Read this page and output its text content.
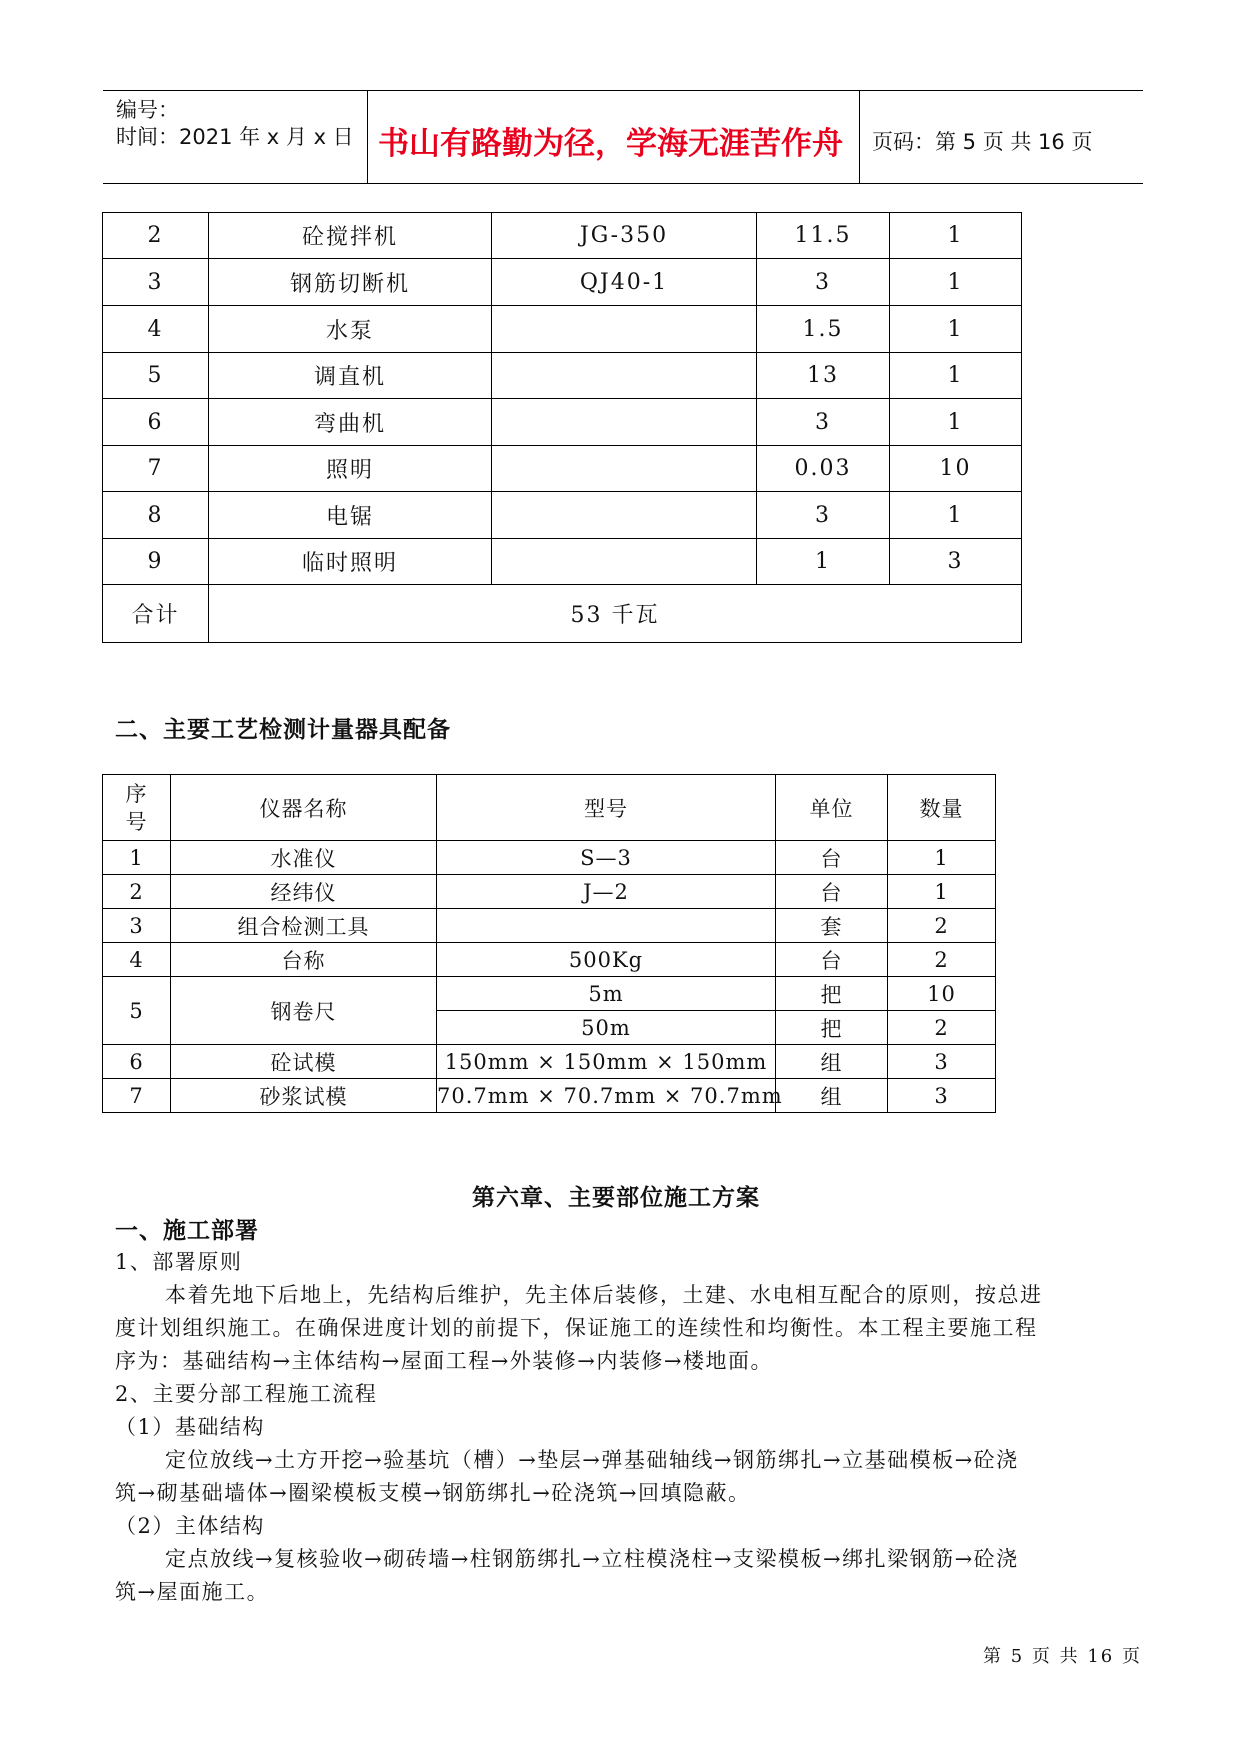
编号：
时间：2021 年 x 月 x 日 书山有路勤为径，学海无涯苦作舟	页码：第 5 页 共 16 页
2	砼搅拌机	JG-350	11.5	1
3	钢筋切断机	QJ40-1	3	1
4	水泵		1.5	1
5	调直机		13	1
6	弯曲机		3	1
7	照明		0.03	10
8	电锯		3	1
9	临时照明		1	3
合计	53 千瓦			
二、主要工艺检测计量器具配备
序号	仪器名称	型号	单位	数量
1	水准仪	S—3	台	1
2	经纬仪	J—2	台	1
3	组合检测工具		套	2
4	台称	500Kg	台	2
5	钢卷尺	5m	把	10
		50m	把	2
6	砼试模	150mm × 150mm × 150mm	组	3
7	砂浆试模	70.7mm × 70.7mm × 70.7mm	组	3
第六章、主要部位施工方案
一、施工部署
1、部署原则
本着先地下后地上，先结构后维护，先主体后装修，土建、水电相互配合的原则，按总进
度计划组织施工。在确保进度计划的前提下，保证施工的连续性和均衡性。本工程主要施工程
序为：基础结构→主体结构→屋面工程→外装修→内装修→楼地面。
2、主要分部工程施工流程
（1）基础结构
定位放线→土方开挖→验基坑（槽）→垫层→弹基础轴线→钢筋绑扎→立基础模板→砼浇
筑→砌基础墙体→圈梁模板支模→钢筋绑扎→砼浇筑→回填隐蔽。
（2）主体结构
定点放线→复核验收→砌砖墙→柱钢筋绑扎→立柱模浇柱→支梁模板→绑扎梁钢筋→砼浇
筑→屋面施工。
第 5 页 共 16 页
